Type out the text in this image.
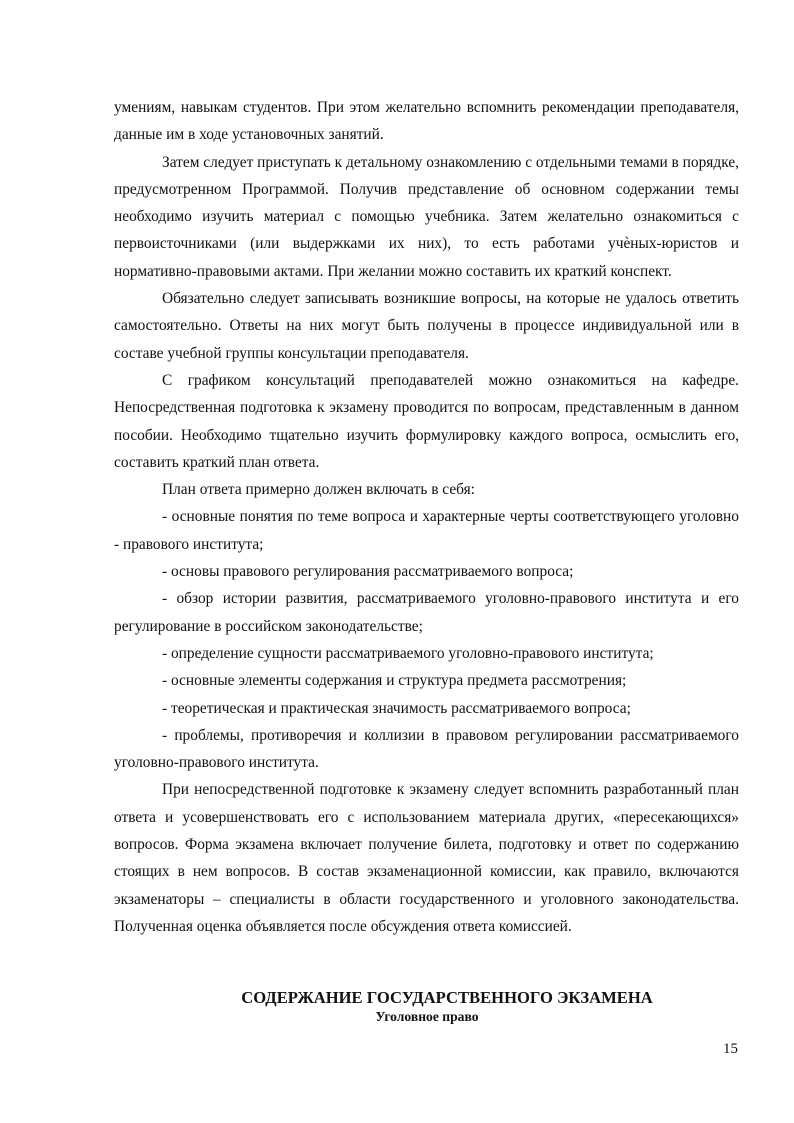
умениям, навыкам студентов. При этом желательно вспомнить рекомендации преподавателя, данные им в ходе установочных занятий.

Затем следует приступать к детальному ознакомлению с отдельными темами в порядке, предусмотренном Программой. Получив представление об основном содержании темы необходимо изучить материал с помощью учебника. Затем желательно ознакомиться с первоисточниками (или выдержками их них), то есть работами учѐных-юристов и нормативно-правовыми актами. При желании можно составить их краткий конспект.

Обязательно следует записывать возникшие вопросы, на которые не удалось ответить самостоятельно. Ответы на них могут быть получены в процессе индивидуальной или в составе учебной группы консультации преподавателя.

С графиком консультаций преподавателей можно ознакомиться на кафедре. Непосредственная подготовка к экзамену проводится по вопросам, представленным в данном пособии. Необходимо тщательно изучить формулировку каждого вопроса, осмыслить его, составить краткий план ответа.

План ответа примерно должен включать в себя:

- основные понятия по теме вопроса и характерные черты соответствующего уголовно - правового института;

- основы правового регулирования рассматриваемого вопроса;

- обзор истории развития, рассматриваемого уголовно-правового института и его регулирование в российском законодательстве;

- определение сущности рассматриваемого уголовно-правового института;

- основные элементы содержания и структура предмета рассмотрения;

- теоретическая и практическая значимость рассматриваемого вопроса;

- проблемы, противоречия и коллизии в правовом регулировании рассматриваемого уголовно-правового института.

При непосредственной подготовке к экзамену следует вспомнить разработанный план ответа и усовершенствовать его с использованием материала других, «пересекающихся» вопросов. Форма экзамена включает получение билета, подготовку и ответ по содержанию стоящих в нем вопросов. В состав экзаменационной комиссии, как правило, включаются экзаменаторы – специалисты в области государственного и уголовного законодательства. Полученная оценка объявляется после обсуждения ответа комиссией.

СОДЕРЖАНИЕ ГОСУДАРСТВЕННОГО ЭКЗАМЕНА
Уголовное право
15
